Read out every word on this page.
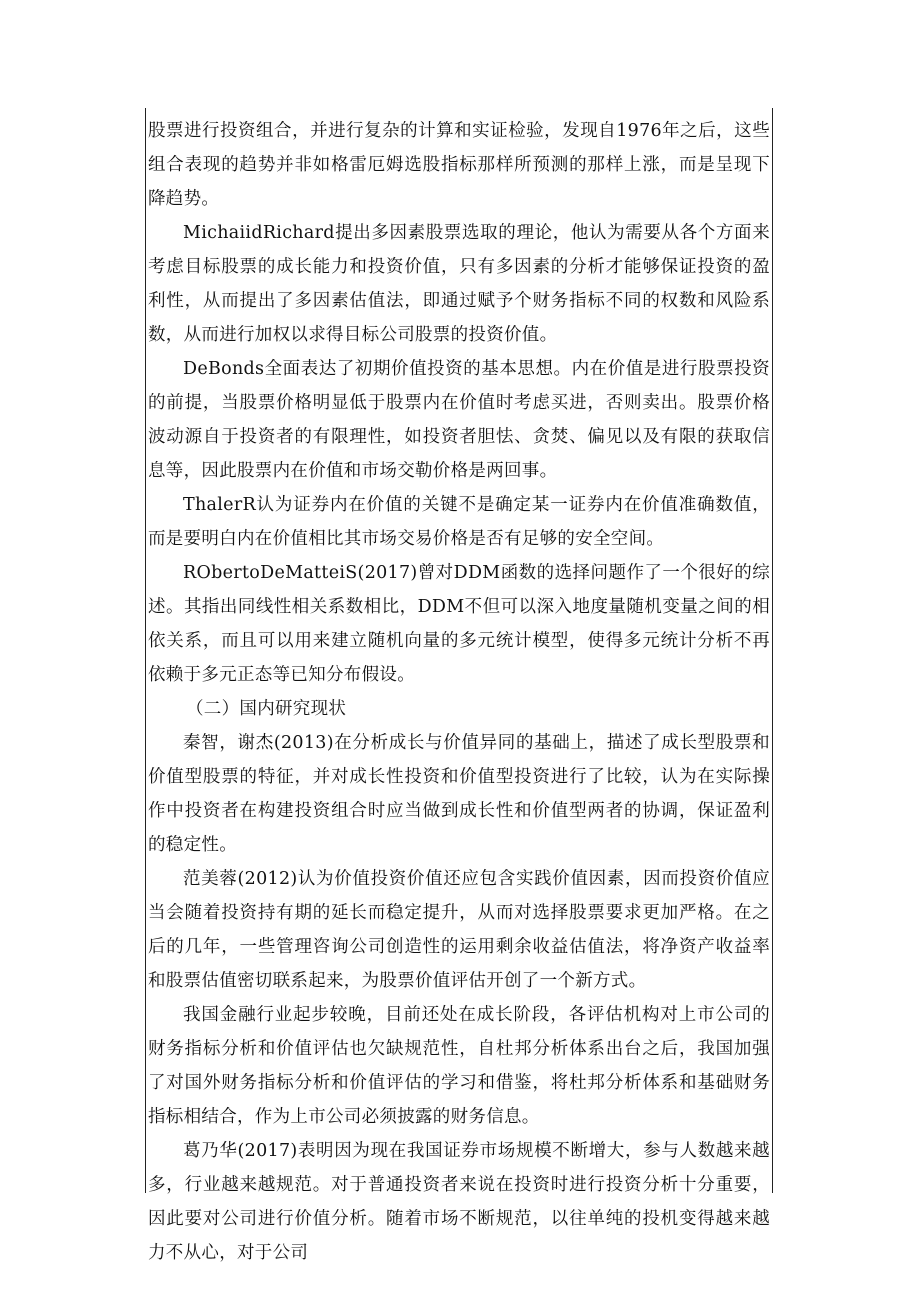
股票进行投资组合，并进行复杂的计算和实证检验，发现自1976年之后，这些组合表现的趋势并非如格雷厄姆选股指标那样所预测的那样上涨，而是呈现下降趋势。

MichaiidRichard提出多因素股票选取的理论，他认为需要从各个方面来考虑目标股票的成长能力和投资价值，只有多因素的分析才能够保证投资的盈利性，从而提出了多因素估值法，即通过赋予个财务指标不同的权数和风险系数，从而进行加权以求得目标公司股票的投资价值。

DeBonds全面表达了初期价值投资的基本思想。内在价值是进行股票投资的前提，当股票价格明显低于股票内在价值时考虑买进，否则卖出。股票价格波动源自于投资者的有限理性，如投资者胆怯、贪焚、偏见以及有限的获取信息等，因此股票内在价值和市场交勒价格是两回事。

ThalerR认为证券内在价值的关键不是确定某一证券内在价值准确数值，而是要明白内在价值相比其市场交易价格是否有足够的安全空间。

RObertoDeMatteiS(2017)曾对DDM函数的选择问题作了一个很好的综述。其指出同线性相关系数相比，DDM不但可以深入地度量随机变量之间的相依关系，而且可以用来建立随机向量的多元统计模型，使得多元统计分析不再依赖于多元正态等已知分布假设。

（二）国内研究现状

秦智，谢杰(2013)在分析成长与价值异同的基础上，描述了成长型股票和价值型股票的特征，并对成长性投资和价值型投资进行了比较，认为在实际操作中投资者在构建投资组合时应当做到成长性和价值型两者的协调，保证盈利的稳定性。

范美蓉(2012)认为价值投资价值还应包含实践价值因素，因而投资价值应当会随着投资持有期的延长而稳定提升，从而对选择股票要求更加严格。在之后的几年，一些管理咨询公司创造性的运用剩余收益估值法，将净资产收益率和股票估值密切联系起来，为股票价值评估开创了一个新方式。

我国金融行业起步较晚，目前还处在成长阶段，各评估机构对上市公司的财务指标分析和价值评估也欠缺规范性，自杜邦分析体系出台之后，我国加强了对国外财务指标分析和价值评估的学习和借鉴，将杜邦分析体系和基础财务指标相结合，作为上市公司必须披露的财务信息。

葛乃华(2017)表明因为现在我国证券市场规模不断增大，参与人数越来越多，行业越来越规范。对于普通投资者来说在投资时进行投资分析十分重要，因此要对公司进行价值分析。随着市场不断规范，以往单纯的投机变得越来越力不从心，对于公司
